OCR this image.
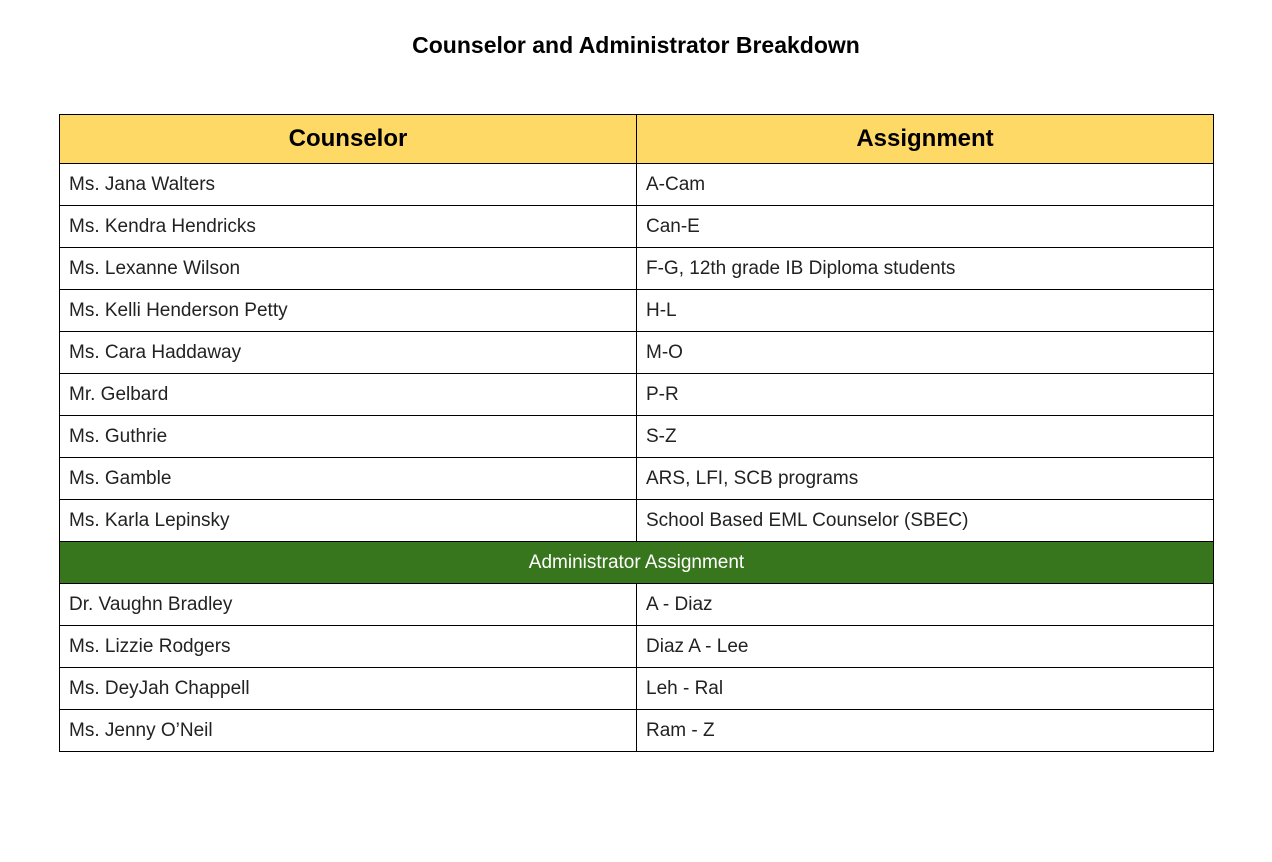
Counselor and Administrator Breakdown
Counselor	Assignment
Ms. Jana Walters	A-Cam
Ms. Kendra Hendricks	Can-E
Ms. Lexanne Wilson	F-G, 12th grade IB Diploma students
Ms. Kelli Henderson Petty	H-L
Ms. Cara Haddaway	M-O
Mr. Gelbard	P-R
Ms. Guthrie	S-Z
Ms. Gamble	ARS, LFI, SCB programs
Ms. Karla Lepinsky	School Based EML Counselor (SBEC)
Administrator Assignment	
Dr. Vaughn Bradley	A - Diaz
Ms. Lizzie Rodgers	Diaz A - Lee
Ms. DeyJah Chappell	Leh - Ral
Ms. Jenny O’Neil	Ram - Z
